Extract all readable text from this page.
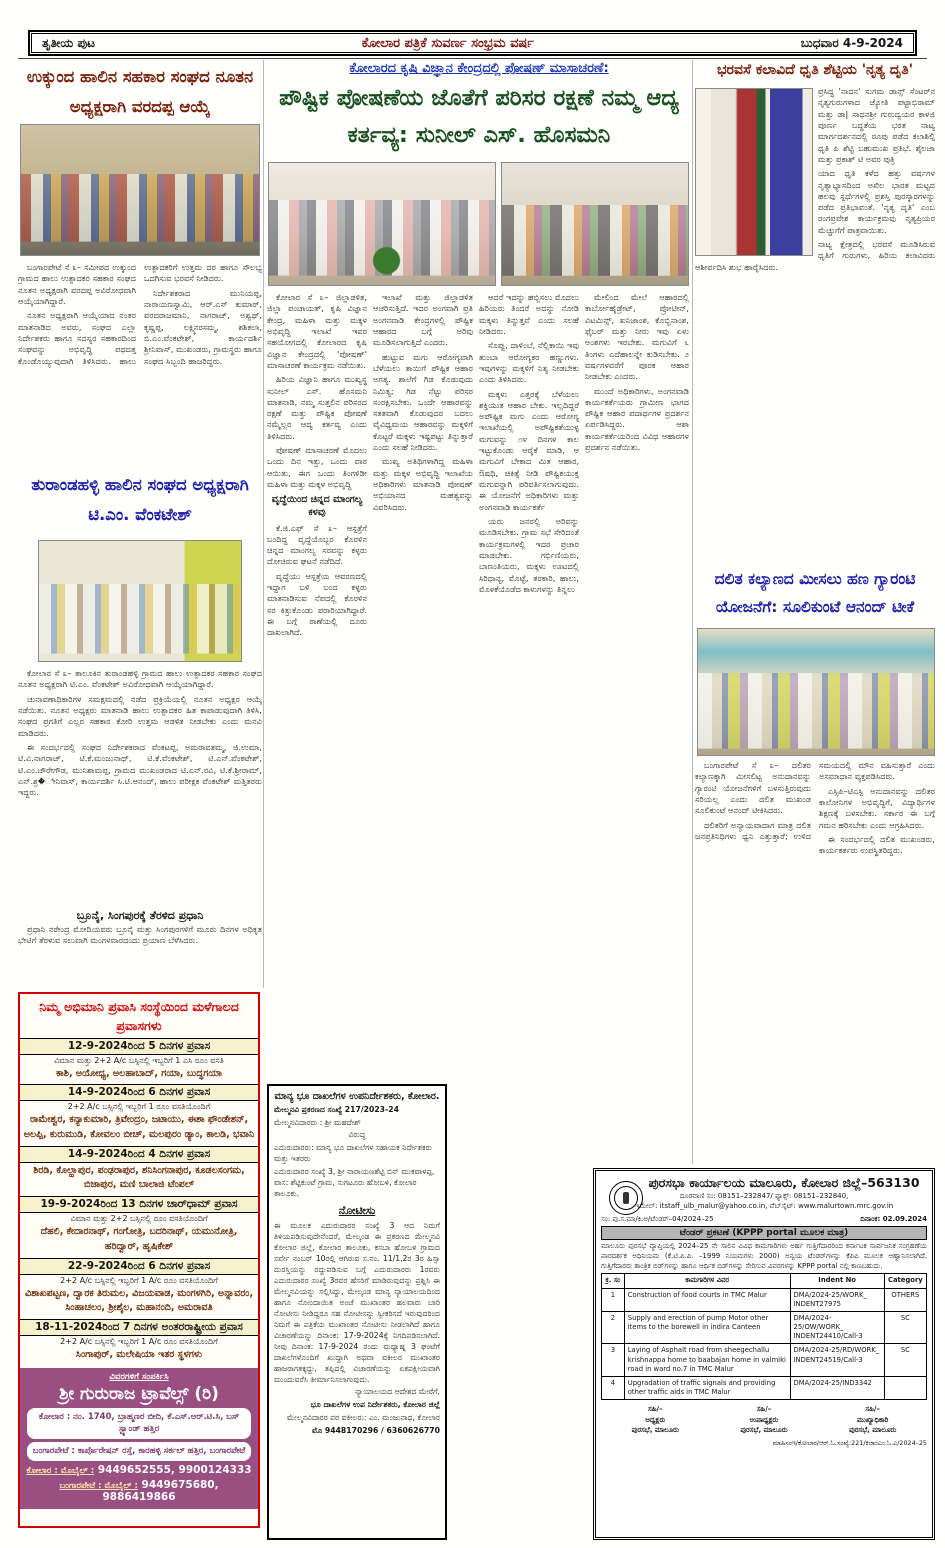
ತೃತೀಯ ಪುಟ	ಕೋಲಾರ ಪತ್ರಿಕೆ ಸುವರ್ಣ ಸಂಭ್ರಮ ವರ್ಷ	ಬುಧವಾರ 4-9-2024
ಉಕ್ಕುಂದ ಹಾಲಿನ ಸಹಕಾರ ಸಂಘದ ನೂತನ ಅಧ್ಯಕ್ಷರಾಗಿ ವರದಪ್ಪ ಆಯ್ಕೆ

ಬಂಗಾರಪೇಟೆ ಸೆ ೩– ಸಮೀಪದ ಉಕ್ಕುಂದ ಗ್ರಾಮದ ಹಾಲು ಉತ್ಪಾದಕರ ಸಹಕಾರ ಸಂಘದ ನೂತನ ಅಧ್ಯಕ್ಷರಾಗಿ ವರದಪ್ಪ ಅವಿರೋಧವಾಗಿ ಆಯ್ಕೆಯಾಗಿದ್ದಾರೆ.

ನೂತನ ಅಧ್ಯಕ್ಷರಾಗಿ ಆಯ್ಕೆಯಾದ ನಂತರ ಮಾತನಾಡಿದ ಅವರು, ಸಂಘದ ಎಲ್ಲಾ ನಿರ್ದೇಶಕರು ಹಾಗೂ ಸದಸ್ಯರ ಸಹಕಾರದಿಂದ ಸಂಘವನ್ನು ಅಭಿವೃದ್ಧಿ ಪಥದತ್ತ ಕೊಂಡೊಯ್ಯುವುದಾಗಿ ತಿಳಿಸಿದರು. ಹಾಲು ಉತ್ಪಾದಕರಿಗೆ ಉತ್ತಮ ದರ ಹಾಗೂ ಸೌಲಭ್ಯ ಒದಗಿಸುವ ಭರವಸೆ ನೀಡಿದರು.

ನಿರ್ದೇಶಕರಾದ ಮುನಿಯಪ್ಪ, ನಾರಾಯಣಸ್ವಾಮಿ, ಆರ್.ಎಸ್ ಕುಮಾರ್, ವರದರಾಜಮಾನಿ, ನಾಗರಾಜ್, ಅಶ್ವಥ್, ಕೃಷ್ಣಪ್ಪ, ಲಕ್ಷ್ಮಿನರಸಮ್ಮ, ಶಶಿಕಲಾ, ಬಿ.ಎಂ.ವೆಂಕಟೇಶ್, ಕಾರ್ಯದರ್ಶಿ ಶ್ರೀನಿವಾಸ್, ಮುಖಂಡರು, ಗ್ರಾಮಸ್ಥರು ಹಾಗೂ ಸಂಘದ ಸಿಬ್ಬಂದಿ ಹಾಜರಿದ್ದರು.

ತುರಾಂಡಹಳ್ಳಿ ಹಾಲಿನ ಸಂಘದ ಅಧ್ಯಕ್ಷರಾಗಿ ಟಿ.ಎಂ. ವೆಂಕಟೇಶ್

ಕೋಲಾರ ಸೆ ೩– ತಾಲೂಕಿನ ತುರಾಂಡಹಳ್ಳಿ ಗ್ರಾಮದ ಹಾಲು ಉತ್ಪಾದಕರ ಸಹಕಾರ ಸಂಘದ ನೂತನ ಅಧ್ಯಕ್ಷರಾಗಿ ಟಿ.ಎಂ. ವೆಂಕಟೇಶ್ ಅವಿರೋಧವಾಗಿ ಆಯ್ಕೆಯಾಗಿದ್ದಾರೆ.

ಚುನಾವಣಾಧಿಕಾರಿಗಳ ಸಮಕ್ಷಮದಲ್ಲಿ ನಡೆದ ಪ್ರಕ್ರಿಯೆಯಲ್ಲಿ ನೂತನ ಅಧ್ಯಕ್ಷರ ಆಯ್ಕೆ ನಡೆಯಿತು. ನೂತನ ಅಧ್ಯಕ್ಷರು ಮಾತನಾಡಿ ಹಾಲು ಉತ್ಪಾದಕರ ಹಿತ ಕಾಪಾಡುವುದಾಗಿ ತಿಳಿಸಿ, ಸಂಘದ ಪ್ರಗತಿಗೆ ಎಲ್ಲರ ಸಹಕಾರ ಕೋರಿ ಉತ್ತಮ ಆಡಳಿತ ನೀಡಬೇಕು ಎಂದು ಮನವಿ ಮಾಡಿದರು.

ಈ ಸಂದರ್ಭದಲ್ಲಿ ಸಂಘದ ನಿರ್ದೇಶಕರಾದ ವೆಂಕಟಪ್ಪ, ಅಮರಾವತಮ್ಮ, ಜಿ.ಉಮಾ, ಟಿ.ವಿ.ನಾಗರಾಜ್, ಟಿ.ಕೆ.ಮಂಜುನಾಥ್, ಟಿ.ಕೆ.ವೆಂಕಟೇಶ್, ಟಿ.ಎನ್.ವೆಂಕಟೇಶ್, ಟಿ.ಎಂ.ಚೌರೇಗೌಡ, ಮುನಿಶಾಮಪ್ಪ, ಗ್ರಾಮದ ಮುಖಂಡರಾದ ಟಿ.ಎನ್.ರವಿ, ಟಿ.ಕೆ.ಶ್ರೀರಾಮ್, ಎನ್.ಶ್ರ�ೀನಿವಾಸ್, ಕಾರ್ಯದರ್ಶಿ ಸಿ.ಟಿ.ಆನಂದ್, ಹಾಲು ಪರೀಕ್ಷಕ ವೆಂಕಟೇಶ್ ಮತ್ತಿತರರು ಇದ್ದರು.

ಬ್ರೂನೈ, ಸಿಂಗಪುರಕ್ಕೆ ತೆರಳಿದ ಪ್ರಧಾನಿ

ಪ್ರಧಾನಿ ನರೇಂದ್ರ ಮೋದಿಯವರು ಬ್ರೂನೈ ಮತ್ತು ಸಿಂಗಪುರಗಳಿಗೆ ಮೂರು ದಿನಗಳ ಅಧಿಕೃತ ಭೇಟಿಗೆ ತೆರಳುವ ಸಲುವಾಗಿ ಮಂಗಳವಾರದಂದು ಪ್ರಯಾಣ ಬೆಳೆಸಿದರು.

ನಿಮ್ಮ ಅಭಿಮಾನಿ ಪ್ರವಾಸಿ ಸಂಸ್ಥೆಯಿಂದ ಮಳೆಗಾಲದ ಪ್ರವಾಸಗಳು
12-9-2024ರಿಂದ 5 ದಿನಗಳ ಪ್ರವಾಸ
ವಿಮಾನ ಮತ್ತು 2+2 A/c ಬಸ್ಸಿನಲ್ಲಿ ಇಬ್ಬರಿಗೆ 1 ಎಸಿ ರೂಂ ವಸತಿ
ಕಾಶಿ, ಅಯೋಧ್ಯ, ಅಲಹಾಬಾದ್, ಗಯಾ, ಬುದ್ಧಗಯಾ
14-9-2024ರಿಂದ 6 ದಿನಗಳ ಪ್ರವಾಸ
2+2 A/c ಬಸ್ಸಿನಲ್ಲಿ ಇಬ್ಬರಿಗೆ 1 ರೂಂ ವಸತಿಯೊಂದಿಗೆ
ರಾಮೇಶ್ವರ, ಕನ್ಯಾಕುಮಾರಿ, ತ್ರಿವೇಂದ್ರಂ, ಜಟಾಯು, ಈಶಾ ಫೌಂಡೇಶನ್, ಅಲಪ್ಪಿ, ಕುರುಮುಡಿ, ಕೋವಲಂ ಬೀಚ್, ಮಲಪುರಂ ಡ್ಯಾಂ, ಕಾಲಡಿ, ಭವಾನಿ
14-9-2024ರಿಂದ 4 ದಿನಗಳ ಪ್ರವಾಸ
ಶಿರಡಿ, ಕೊಲ್ಹಾಪುರ, ಪಂಢರಾಪುರ, ಶನಿಸಿಂಗನಾಪುರ, ಕೂಡಲಸಂಗಮ, ಬಿಜಾಪುರ, ಮಣಿ ಬಾಲಾಜಿ ಟೆಂಪಲ್
19-9-2024ರಿಂದ 13 ದಿನಗಳ ಚಾರ್‌ಧಾಮ್ ಪ್ರವಾಸ
ವಿಮಾನ ಮತ್ತು 2+2 ಬಸ್ಸಿನಲ್ಲಿ ರೂಂ ವಸತಿಯೊಂದಿಗೆ
ದೆಹಲಿ, ಕೇದಾರನಾಥ್, ಗಂಗೋತ್ರಿ, ಬದರಿನಾಥ್, ಯಮುನೋತ್ರಿ, ಹರಿದ್ವಾರ್, ಹೃಷಿಕೇಶ್
22-9-2024ರಿಂದ 6 ದಿನಗಳ ಪ್ರವಾಸ
2+2 A/c ಬಸ್ಸಿನಲ್ಲಿ ಇಬ್ಬರಿಗೆ 1 A/c ರೂಂ ವಸತಿಯೊಂದಿಗೆ
ವಿಶಾಖಪಟ್ಟಣ, ದ್ವಾರಕ ತಿರುಮಲ, ವಿಜಯವಾಡ, ಮಂಗಳಗಿರಿ, ಅನ್ನಾವರಂ, ಸಿಂಹಾಚಲಂ, ಶ್ರೀಶೈಲ, ಮಹಾನಂದಿ, ಅಮರಾವತಿ
18-11-2024ರಿಂದ 7 ದಿನಗಳ ಅಂತರರಾಷ್ಟ್ರೀಯ ಪ್ರವಾಸ
2+2 A/c ಬಸ್ಸಿನಲ್ಲಿ ಇಬ್ಬರಿಗೆ 1 A/c ರೂಂ ವಸತಿಯೊಂದಿಗೆ
ಸಿಂಗಾಪುರ್, ಮಲೇಷಿಯಾ ಇತರ ಸ್ಥಳಗಳು
ವಿವರಗಳಿಗೆ ಸಂಪರ್ಕಿಸಿ
ಶ್ರೀ ಗುರುರಾಜ ಟ್ರಾವೆಲ್ಸ್ (ರಿ)
ಕೋಲಾರ : ನಂ. 1740, ಬ್ರಾಹ್ಮಣರ ಬೀದಿ, ಕೆ.ಎಸ್.ಆರ್.ಟಿ.ಸಿ, ಬಸ್ ಸ್ಟ್ಯಾಂಡ್ ಹತ್ತಿರ
ಬಂಗಾರಪೇಟೆ : ಕಾರ್ಪೊರೇಷನ್ ರಸ್ತೆ, ಕಾರಹಳ್ಳಿ ಸರ್ಕಲ್ ಹತ್ತಿರ, ಬಂಗಾರಪೇಟೆ
ಕೋಲಾರ : ಮೊಬೈಲ್ : 9449652555, 9900124333
ಬಂಗಾರಪೇಟೆ : ಮೊಬೈಲ್ : 9449675680, 9886419866
ಕೋಲಾರದ ಕೃಷಿ ವಿಜ್ಞಾನ ಕೇಂದ್ರದಲ್ಲಿ ಪೋಷಣ್ ಮಾಸಾಚರಣೆ:
ಪೌಷ್ಟಿಕ ಪೋಷಣೆಯ ಜೊತೆಗೆ ಪರಿಸರ ರಕ್ಷಣೆ ನಮ್ಮ ಆದ್ಯ ಕರ್ತವ್ಯ: ಸುನೀಲ್ ಎಸ್. ಹೊಸಮನಿ

ಕೋಲಾರ ಸೆ ೩– ಜಿಲ್ಲಾಡಳಿತ, ಜಿಲ್ಲಾ ಪಂಚಾಯತ್, ಕೃಷಿ ವಿಜ್ಞಾನ ಕೇಂದ್ರ, ಮಹಿಳಾ ಮತ್ತು ಮಕ್ಕಳ ಅಭಿವೃದ್ಧಿ ಇಲಾಖೆ ಇವರ ಸಹಯೋಗದಲ್ಲಿ ಕೋಲಾರದ ಕೃಷಿ ವಿಜ್ಞಾನ ಕೇಂದ್ರದಲ್ಲಿ 'ಪೋಷಣ್' ಮಾಸಾಚರಣೆ ಕಾರ್ಯಕ್ರಮ ನಡೆಯಿತು.

ಹಿರಿಯ ವಿಜ್ಞಾನಿ ಹಾಗೂ ಮುಖ್ಯಸ್ಥ ಸುನೀಲ್ ಎಸ್. ಹೊಸಮನಿ ಮಾತನಾಡಿ, ನಮ್ಮ ಸುತ್ತಲಿನ ಪರಿಸರದ ರಕ್ಷಣೆ ಮತ್ತು ಪೌಷ್ಟಿಕ ಪೋಷಣೆ ನಮ್ಮೆಲ್ಲರ ಆದ್ಯ ಕರ್ತವ್ಯ ಎಂದು ತಿಳಿಸಿದರು.

ಪೋಷಣ್ ಮಾಸಾಚರಣೆ ಮೊದಲು ಒಂದು ದಿನ ಇತ್ತು, ಒಂದು ವಾರ ಆಯಿತು, ಈಗ ಒಂದು ತಿಂಗಳಿಡೀ ಮಹಿಳಾ ಮತ್ತು ಮಕ್ಕಳ ಅಭಿವೃದ್ಧಿ

ವೃದ್ಧೆಯಿಂದ ಚಿನ್ನದ ಮಾಂಗಲ್ಯ ಕಳವು

ಕೆ.ಜಿ.ಎಫ್ ಸೆ ೩– ಆಸ್ಪತ್ರೆಗೆ ಬಂದಿದ್ದ ವೃದ್ಧೆಯೊಬ್ಬರ ಕೊರಳಿನ ಚಿನ್ನದ ಮಾಂಗಲ್ಯ ಸರವನ್ನು ಕಳ್ಳರು ದೋಚಿರುವ ಘಟನೆ ನಡೆದಿದೆ.

ವೃದ್ಧೆಯು ಆಸ್ಪತ್ರೆಯ ಆವರಣದಲ್ಲಿ ಇದ್ದಾಗ ಬಳಿ ಬಂದ ಕಳ್ಳರು ಮಾತನಾಡಿಸುವ ನೆಪದಲ್ಲಿ ಕೊರಳಿನ ಸರ ಕಿತ್ತುಕೊಂಡು ಪರಾರಿಯಾಗಿದ್ದಾರೆ. ಈ ಬಗ್ಗೆ ಠಾಣೆಯಲ್ಲಿ ದೂರು ದಾಖಲಾಗಿದೆ.

ಇಲಾಖೆ ಮತ್ತು ಜಿಲ್ಲಾಡಳಿತ ಆಚರಿಸುತ್ತಿದೆ. ಇದರ ಅಂಗವಾಗಿ ಪ್ರತಿ ಅಂಗನವಾಡಿ ಕೇಂದ್ರಗಳಲ್ಲಿ ಪೌಷ್ಟಿಕ ಆಹಾರದ ಬಗ್ಗೆ ಅರಿವು ಮೂಡಿಸಲಾಗುತ್ತಿದೆ ಎಂದರು.

ಹುಟ್ಟುವ ಮಗು ಆರೋಗ್ಯವಾಗಿ ಬೆಳೆಯಲು ತಾಯಿಗೆ ಪೌಷ್ಟಿಕ ಆಹಾರ ಅಗತ್ಯ. ಶಾಲೆಗೆ ಗಿಡ ಕೊಡುವುದು ನಿಮಿತ್ಯ; ಗಿಡ ನೆಟ್ಟು ಪರಿಸರ ಸಂರಕ್ಷಿಸಬೇಕು. ಒಂದೇ ಆಹಾರವನ್ನು ಸತತವಾಗಿ ಕೊಡುವುದರ ಬದಲು ವೈವಿಧ್ಯಮಯ ಆಹಾರವನ್ನು ಮಕ್ಕಳಿಗೆ ಕೊಟ್ಟರೆ ಮಕ್ಕಳು ಇಷ್ಟಪಟ್ಟು ತಿನ್ನುತ್ತಾರೆ ಎಂದು ಸಲಹೆ ನೀಡಿದರು.

ಮುಖ್ಯ ಅತಿಥಿಗಳಾಗಿದ್ದ ಮಹಿಳಾ ಮತ್ತು ಮಕ್ಕಳ ಅಭಿವೃದ್ಧಿ ಇಲಾಖೆಯ ಅಧಿಕಾರಿಗಳು ಮಾತನಾಡಿ ಪೋಷಣ್ ಅಭಿಯಾನದ ಮಹತ್ವವನ್ನು ವಿವರಿಸಿದರು.

ಆದರೆ ಇದನ್ನು ಹಬ್ಬಿಸಲು ಮೊದಲು ಹಿರಿಯರು ತಿಂದರೆ ಅದನ್ನು ನೋಡಿ ಮಕ್ಕಳು ತಿನ್ನುತ್ತವೆ ಎಂದು ಸಲಹೆ ನೀಡಿದರು.

ಸೊಪ್ಪು, ದಾಳಿಂಬೆ, ನೆಲ್ಲಿಕಾಯಿ ಇವು ತುಂಬಾ ಆರೋಗ್ಯಕರ ಹಣ್ಣುಗಳು. ಇವುಗಳನ್ನು ಮಕ್ಕಳಿಗೆ ನಿತ್ಯ ನೀಡಬೇಕು ಎಂದು ತಿಳಿಸಿದರು.

ಮಕ್ಕಳು ಎತ್ತರಕ್ಕೆ ಬೆಳೆಯಲು ಶಕ್ತಿಯುತ ಆಹಾರ ಬೇಕು. ಇಲ್ಲದಿದ್ದರೆ ಅಪೌಷ್ಟಿಕ ಮಗು ಎಂದು ಆರೋಗ್ಯ ಇಲಾಖೆಯಲ್ಲಿ ಅಪೌಷ್ಟಿಕತೆಯುಳ್ಳ ಮಗುವನ್ನು ೧೪ ದಿನಗಳ ಕಾಲ ಇಟ್ಟುಕೊಂಡು ಆರೈಕೆ ಮಾಡಿ, ಆ ಮಗುವಿಗೆ ಬೇಕಾದ ಮಿತ ಆಹಾರ, ಔಷಧಿ, ಚಿಕಿತ್ಸೆ ನೀಡಿ ಪೌಷ್ಟಿಕಯುಕ್ತ ಮಗುವನ್ನಾಗಿ ಪರಿವರ್ತಿಸಲಾಗುವುದು. ಈ ಯೋಜನೆಗೆ ಅಧಿಕಾರಿಗಳು ಮತ್ತು ಅಂಗನವಾಡಿ ಕಾರ್ಯಕರ್ತೆ

ಯರು ಜನರಲ್ಲಿ ಅರಿವನ್ನು ಮೂಡಿಸಬೇಕು. ಗ್ರಾಮ ಸಭೆ ಸೇರಿದಂತೆ ಕಾರ್ಯಕ್ರಮಗಳಲ್ಲಿ ಇದರ ಪ್ರಚಾರ ಮಾಡಬೇಕು. ಗರ್ಭಿಣಿಯರು, ಬಾಣಂತಿಯರು, ಮಕ್ಕಳು ಊಟದಲ್ಲಿ ಸಿರಿಧಾನ್ಯ, ಮೊಟ್ಟೆ, ತರಕಾರಿ, ಹಾಲು, ಮೊಳಕೆಯೊಡೆದ ಕಾಳುಗಳನ್ನು ತಿನ್ನಲು

ಮೇಲಿಂದ ಮೇಲೆ ಆಹಾರದಲ್ಲಿ ಕಾರ್ಬೋಹೈಡ್ರೇಟ್, ಪ್ರೋಟೀನ್, ವಿಟಮಿನ್ಸ್, ಖನಿಜಾಂಶ, ಕೊಬ್ಬಿನಾಂಶ, ಫೈಬರ್ ಮತ್ತು ನೀರು ಇವು ಏಳು ಅಂಶಗಳು ಇರಬೇಕು. ಮಗುವಿಗೆ ೬ ತಿಂಗಳು ಎದೆಹಾಲನ್ನೇ ಕುಡಿಸಬೇಕು. ೨ ವರ್ಷಗಳವರೆಗೆ ಪೂರಕ ಆಹಾರ ನೀಡಬೇಕು ಎಂದರು.

ಮುಂದೆ ಅಧಿಕಾರಿಗಳು, ಅಂಗನವಾಡಿ ಕಾರ್ಯಕರ್ತೆಯರು ಗ್ರಾಮೀಣ ಭಾಗದ ಪೌಷ್ಟಿಕ ಆಹಾರ ಪದಾರ್ಥಗಳ ಪ್ರದರ್ಶನ ಏರ್ಪಡಿಸಿದ್ದರು. ಆಶಾ ಕಾರ್ಯಕರ್ತೆಯರಿಂದ ವಿವಿಧ ಆಹಾರಗಳ ಪ್ರದರ್ಶನ ನಡೆಯಿತು.

ಮಾನ್ಯ ಭೂ ದಾಖಲೆಗಳ ಉಪನಿರ್ದೇಶಕರು, ಕೋಲಾರ.
ಮೇಲ್ಮನವಿ ಪ್ರಕರಣದ ಸಂಖ್ಯೆ 217/2023-24
ಮೇಲ್ಮನವಿದಾರರು : ಶ್ರೀ ಮಹದೇಶ್
ವಿರುದ್ಧ
ಎದುರುದಾರರು: ಮಾನ್ಯ ಭೂ ದಾಖಲೆಗಳ ಸಹಾಯಕ ನಿರ್ದೇಶಕರು ಮತ್ತು ಇತರರು
ಎದುರುದಾರರ ಸಂಖ್ಯೆ 3, ಶ್ರೀ ನಾರಾಯಣಶೆಟ್ಟಿ ಬಿನ್ ಮುಕವಾಳಪ್ಪ, ವಾಸ: ಶೆಟ್ಟಿಕುಂಟೆ ಗ್ರಾಮ, ಸುಗಟೂರು ಹೋಬಳಿ, ಕೋಲಾರ ತಾಲೂಕು.
ನೋಟೀಸು
ಈ ಮೂಲಕ ಎದುರುದಾರರ ಸಂಖ್ಯೆ 3 ಆದ ನಿಮಗೆ ತಿಳಿಯಪಡಿಸುವುದೇನೆಂದರೆ, ಮೇಲ್ಕಂಡ ಈ ಪ್ರಕರಣದ ಮೇಲ್ಮನವಿ ಕೋಲಾರ ಜಿಲ್ಲೆ, ಕೋಲಾರ ತಾಲೂಕು, ಕಸಬಾ ಹೋಬಳಿ ಗ್ರಾಮದ ಸರ್ವೇ ನಂಬರ್ 10ರಲ್ಲಿ ಆಗಿರುವ ಸ.ನಂ. 11/1,2ರ 3ರ ಹಿಸ್ಸಾ ದುರಸ್ತಿಯನ್ನು ರದ್ದುಪಡಿಸುವ ಬಗ್ಗೆ ಎದುರುದಾರರು 1ರವರು ಎದುರುದಾರರ ಸಂಖ್ಯೆ 3ರವರ ಹೆಸರಿಗೆ ಮಾಡಿರುವುದನ್ನು ಪ್ರಶ್ನಿಸಿ ಈ ಮೇಲ್ಮನವಿಯನ್ನು ಸಲ್ಲಿಸಿದ್ದು, ಮೇಲ್ಕಂಡ ಮಾನ್ಯ ನ್ಯಾಯಾಲಯದಿಂದ ಹಾಗೂ ನೋಂದಾಯಿತ ಅಂಚೆ ಮುಖಾಂತರ ಹಲವಾರು ಬಾರಿ ನೋಟೀಸು ನೀಡಿದ್ದರೂ ಸಹ ನೋಟೀಸನ್ನು ಸ್ವೀಕರಿಸದೆ ಇರುವುದರಿಂದ ನಿಮಗೆ ಈ ಪತ್ರಿಕೆಯ ಮುಖಾಂತರ ನೋಟೀಸು ನೀಡಲಾಗಿದೆ ಹಾಗೂ ವಿಚಾರಣೆಯನ್ನು ದಿನಾಂಕ: 17-9-2024ಕ್ಕೆ ನಿಗದಿಪಡಿಸಲಾಗಿದೆ. ನೀವು ದಿನಾಂಕ: 17-9-2024 ರಂದು ಮಧ್ಯಾಹ್ನ 3 ಘಂಟೆಗೆ ದಾಖಲೆಗಳೊಂದಿಗೆ ಖುದ್ದಾಗಿ ಅಥವಾ ವಕೀಲರ ಮುಖಾಂತರ ಹಾಜರಾಗತಕ್ಕದ್ದು, ತಪ್ಪಿದಲ್ಲಿ ವಿಚಾರಣೆಯನ್ನು ಏಕಪಕ್ಷೀಯವಾಗಿ ಮುಂದುವರೆಸಿ ತೀರ್ಮಾನಿಸಲಾಗುವುದು.
ನ್ಯಾಯಾಲಯದ ಆದೇಶದ ಮೇರೆಗೆ,
ಭೂ ದಾಖಲೆಗಳ ಉಪ ನಿರ್ದೇಶಕರು, ಕೋಲಾರ ಜಿಲ್ಲೆ
ಮೇಲ್ಮನವಿದಾರರ ಪರ ವಕೀಲರು: ಎಂ. ಮಂಜುನಾಥ, ಕೋಲಾರ
ಮೊ 9448170296 / 6360626770
ಭರವಸೆ ಕಲಾವಿದೆ ಧೃತಿ ಶೆಟ್ಟಿಯ 'ನೃತ್ಯ ದೃತಿ'

ಪ್ರಸಿದ್ಧ 'ನಾದನ' ಸುಗಮ ಡಾನ್ಸ್ ಸೆಂಟರ್‌ನ ನೃತ್ಯಗುರುಗಳಾದ ಜ್ಯೋತಿ ಪಟ್ಟಾಭಿರಾಮ್ ಮತ್ತು ಡಾ| ಸಾಧನಶ್ರೀ ಗುರುದ್ವಯರ ಕಾಳಜಿ ಪೂರ್ಣ ಬದ್ಧತೆಯ ಭರತ ನಾಟ್ಯ ಮಾರ್ಗದರ್ಶನದಲ್ಲಿ ರೂಪು ಪಡೆದ ಕಲಾಶಿಲ್ಪಿ ಧೃತಿ ಪಿ ಶೆಟ್ಟಿ ಬಹುಮುಖ ಪ್ರತಿಭೆ. ಶೈಲಜಾ ಮತ್ತು ಪ್ರಕಾಶ್ ಟಿ ಅವರ ಪುತ್ರಿ

ಯಾದ ಧೃತಿ ಕಳೆದ ಹತ್ತು ವರ್ಷಗಳ ನೃತ್ಯಾಭ್ಯಾಸದಿಂದ ಅಖಿಲ ಭಾರತ ಮಟ್ಟದ ಹಲವು ಸ್ಪರ್ಧೆಗಳಲ್ಲಿ ಪ್ರಶಸ್ತಿ ಪುರಸ್ಕಾರಗಳನ್ನು ಪಡೆದ ಪ್ರತಿಭಾವಂತೆ. 'ನೃತ್ಯ ದೃತಿ' ಎಂಬ ರಂಗಪ್ರವೇಶ ಕಾರ್ಯಕ್ರಮವು ನೃತ್ಯಪ್ರಿಯರ ಮೆಚ್ಚುಗೆಗೆ ಪಾತ್ರವಾಯಿತು.

ನಾಟ್ಯ ಕ್ಷೇತ್ರದಲ್ಲಿ ಭರವಸೆ ಮೂಡಿಸಿರುವ ಧೃತಿಗೆ ಗುರುಗಳು, ಹಿರಿಯ ಕಲಾವಿದರು ಆಶೀರ್ವದಿಸಿ ಶುಭ ಹಾರೈಸಿದರು.

ದಲಿತ ಕಲ್ಯಾಣದ ಮೀಸಲು ಹಣ ಗ್ಯಾರಂಟಿ ಯೋಜನೆಗೆ: ಸೂಲಿಕುಂಟೆ ಆನಂದ್ ಟೀಕೆ

ಬಂಗಾರಪೇಟೆ ಸೆ ೩– ದಲಿತರ ಕಲ್ಯಾಣಕ್ಕಾಗಿ ಮೀಸಲಿಟ್ಟ ಅನುದಾನವನ್ನು ಗ್ಯಾರಂಟಿ ಯೋಜನೆಗಳಿಗೆ ಬಳಸುತ್ತಿರುವುದು ಸರಿಯಲ್ಲ ಎಂದು ದಲಿತ ಮುಖಂಡ ಸೂಲಿಕುಂಟೆ ಆನಂದ್ ಟೀಕಿಸಿದರು.

ದಲಿತರಿಗೆ ಅನ್ಯಾಯವಾದಾಗ ಮಾತ್ರ ದಲಿತ ಜನಪ್ರತಿನಿಧಿಗಳು ಧ್ವನಿ ಎತ್ತುತ್ತಾರೆ; ಉಳಿದ ಸಮಯದಲ್ಲಿ ಮೌನ ವಹಿಸುತ್ತಾರೆ ಎಂದು ಅಸಮಾಧಾನ ವ್ಯಕ್ತಪಡಿಸಿದರು.

ಎಸ್ಸಿಪಿ–ಟಿಎಸ್ಪಿ ಅನುದಾನವನ್ನು ದಲಿತರ ಕಾಲೋನಿಗಳ ಅಭಿವೃದ್ಧಿಗೆ, ವಿದ್ಯಾರ್ಥಿಗಳ ಶಿಕ್ಷಣಕ್ಕೆ ಬಳಸಬೇಕು. ಸರ್ಕಾರ ಈ ಬಗ್ಗೆ ಗಮನ ಹರಿಸಬೇಕು ಎಂದು ಆಗ್ರಹಿಸಿದರು.

ಈ ಸಂದರ್ಭದಲ್ಲಿ ದಲಿತ ಮುಖಂಡರು, ಕಾರ್ಯಕರ್ತರು ಉಪಸ್ಥಿತರಿದ್ದರು.

ಪುರಸಭಾ ಕಾರ್ಯಾಲಯ ಮಾಲೂರು, ಕೋಲಾರ ಜಿಲ್ಲೆ–563130
ದೂರವಾಣಿ ಸಂ: 08151–232847/ ಫ್ಯಾಕ್ಸ್: 08151–232840,
ಇಮೇಲ್: itstaff_ulb_malur@yahoo.co.in, ವೆಬ್‌ಸೈಟ್: www.malurtown.mrc.gov.in
ಸಂ: ಪು.ಸ.ಮಾ/ಕಿ.ಆ/ಟೆಂಡರ್–04/2024–25	ದಿನಾಂಕ: 02.09.2024
ಟೆಂಡರ್ ಪ್ರಕಟಣೆ (KPPP portal ಮೂಲಕ ಮಾತ್ರ)
ಮಾಲೂರು ಪುರಸಭೆ ವ್ಯಾಪ್ತಿಯಲ್ಲಿ 2024–25 ನೇ ಸಾಲಿನ ವಿವಿಧ ಕಾಮಗಾರಿಗಳು ಅರ್ಹ ಗುತ್ತಿಗೆದಾರರಿಂದ ಕರ್ನಾಟಕ ಸಾರ್ವಜನಿಕ ಸಂಗ್ರಹಣೆಯ ಪಾರದರ್ಶಕ ಅಧಿನಿಯಮ (ಕೆ.ಟಿ.ಪಿ.ಪಿ. –1999 ನಿಯಮಗಳು 2000) ಅನ್ವಯ ಟೆಂಡರ್‌ಗಳನ್ನು ಕೆಪಿಪಿ ಮೂಲಕ ಆಹ್ವಾನಿಸಲಾಗಿದೆ. ಗುತ್ತಿಗೆದಾರರು ತಾಂತ್ರಿಕ ಬಿಡ್‌ಗಳನ್ನು ಹಾಗೂ ಆರ್ಥಿಕ ಬಿಡ್‌ಗಳನ್ನು ಸೇರಿಸುವ ವಿವರಗಳನ್ನು KPPP portal ನಲ್ಲಿ ಕಾಣಬಹುದು.
ಕ್ರ. ಸಂ	ಕಾಮಗಾರಿಗಳ ವಿವರ	Indent No	Category
1	Construction of food courts in TMC Malur	DMA/2024-25/WORK_ INDENT27975	OTHERS
2	Supply and erection of pump Motor other items to the borewell in indira Canteen	DMA/2024-25/OW/WORK_ INDENT24410/Call-3	SC
3	Laying of Asphalt road from sheegechallu krishnappa home to baabajan home in valmiki road in ward no.7 in TMC Malur	DMA/2024-25/RD/WORK_ INDENT24519/Call-3	SC
4	Upgradation of traffic signals and providing other traffic aids in TMC Malur	DMA/2024-25/IND3342	
ಸಹಿ/–
ಅಧ್ಯಕ್ಷರು
ಪುರಸಭೆ, ಮಾಲೂರು
ಸಹಿ/–
ಉಪಾಧ್ಯಕ್ಷರು
ಪುರಸಭೆ, ಮಾಲೂರು
ಸಹಿ/–
ಮುಖ್ಯಾಧಿಕಾರಿ
ಪುರಸಭೆ, ಮಾಲೂರು
ಮಾಹಿಸಂಇ/ಕೋಲಾರ/ಆರ್.ಓ.ಸಂಖ್ಯೆ:221/ಕಿಜಾಂಎಂ.ಓ.ಎ/2024–25
